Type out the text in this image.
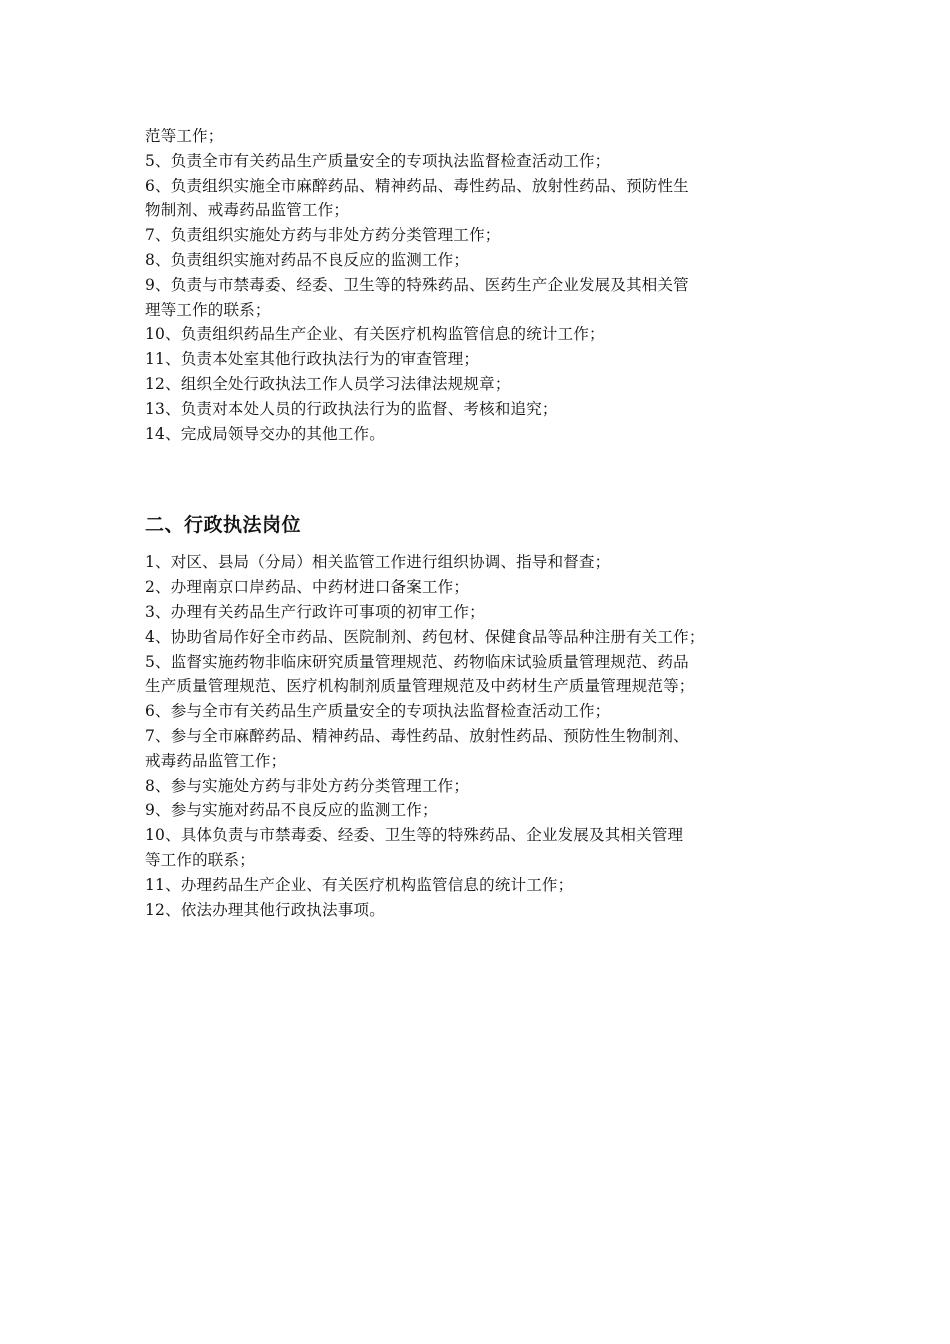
范等工作；
5、负责全市有关药品生产质量安全的专项执法监督检查活动工作；
6、负责组织实施全市麻醉药品、精神药品、毒性药品、放射性药品、预防性生
物制剂、戒毒药品监管工作；
7、负责组织实施处方药与非处方药分类管理工作；
8、负责组织实施对药品不良反应的监测工作；
9、负责与市禁毒委、经委、卫生等的特殊药品、医药生产企业发展及其相关管
理等工作的联系；
10、负责组织药品生产企业、有关医疗机构监管信息的统计工作；
11、负责本处室其他行政执法行为的审查管理；
12、组织全处行政执法工作人员学习法律法规规章；
13、负责对本处人员的行政执法行为的监督、考核和追究；
14、完成局领导交办的其他工作。
二、行政执法岗位
1、对区、县局（分局）相关监管工作进行组织协调、指导和督查；
2、办理南京口岸药品、中药材进口备案工作；
3、办理有关药品生产行政许可事项的初审工作；
4、协助省局作好全市药品、医院制剂、药包材、保健食品等品种注册有关工作；
5、监督实施药物非临床研究质量管理规范、药物临床试验质量管理规范、药品
生产质量管理规范、医疗机构制剂质量管理规范及中药材生产质量管理规范等；
6、参与全市有关药品生产质量安全的专项执法监督检查活动工作；
7、参与全市麻醉药品、精神药品、毒性药品、放射性药品、预防性生物制剂、
戒毒药品监管工作；
8、参与实施处方药与非处方药分类管理工作；
9、参与实施对药品不良反应的监测工作；
10、具体负责与市禁毒委、经委、卫生等的特殊药品、企业发展及其相关管理
等工作的联系；
11、办理药品生产企业、有关医疗机构监管信息的统计工作；
12、依法办理其他行政执法事项。
